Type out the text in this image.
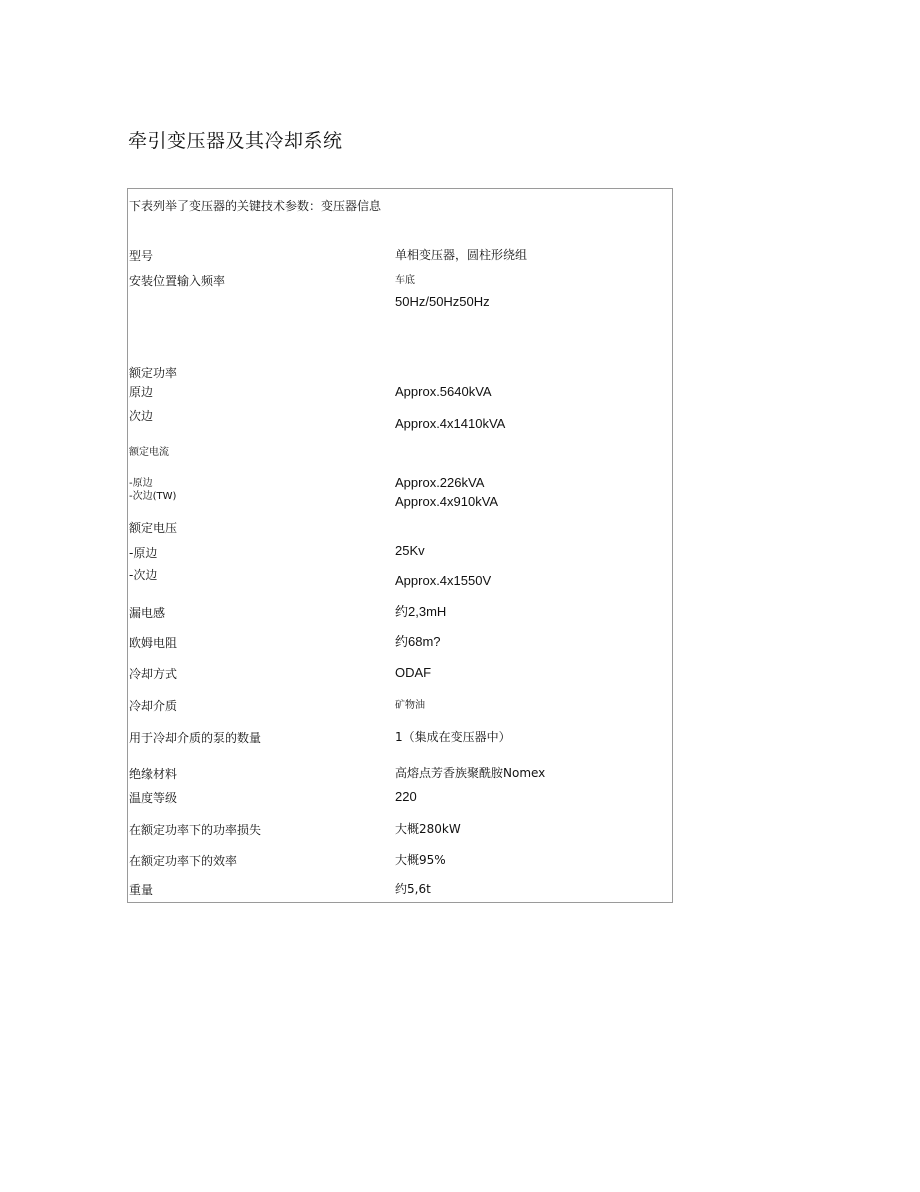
牵引变压器及其冷却系统
下表列举了变压器的关键技术参数：变压器信息
型号	单相变压器，圆柱形绕组
安装位置输入频率	车底
50Hz/50Hz50Hz
额定功率
原边	Approx.5640kVA
次边	Approx.4x1410kVA
额定电流
-原边	Approx.226kVA
-次边(TW)	Approx.4x910kVA
额定电压
-原边	25Kv
-次边	Approx.4x1550V
漏电感	约2,3mH
欧姆电阻	约68m?
冷却方式	ODAF
冷却介质	矿物油
用于冷却介质的泵的数量	1（集成在变压器中）
绝缘材料	高熔点芳香族聚酰胺Nomex
温度等级	220
在额定功率下的功率损失	大概280kW
在额定功率下的效率	大概95%
重量	约5,6t
